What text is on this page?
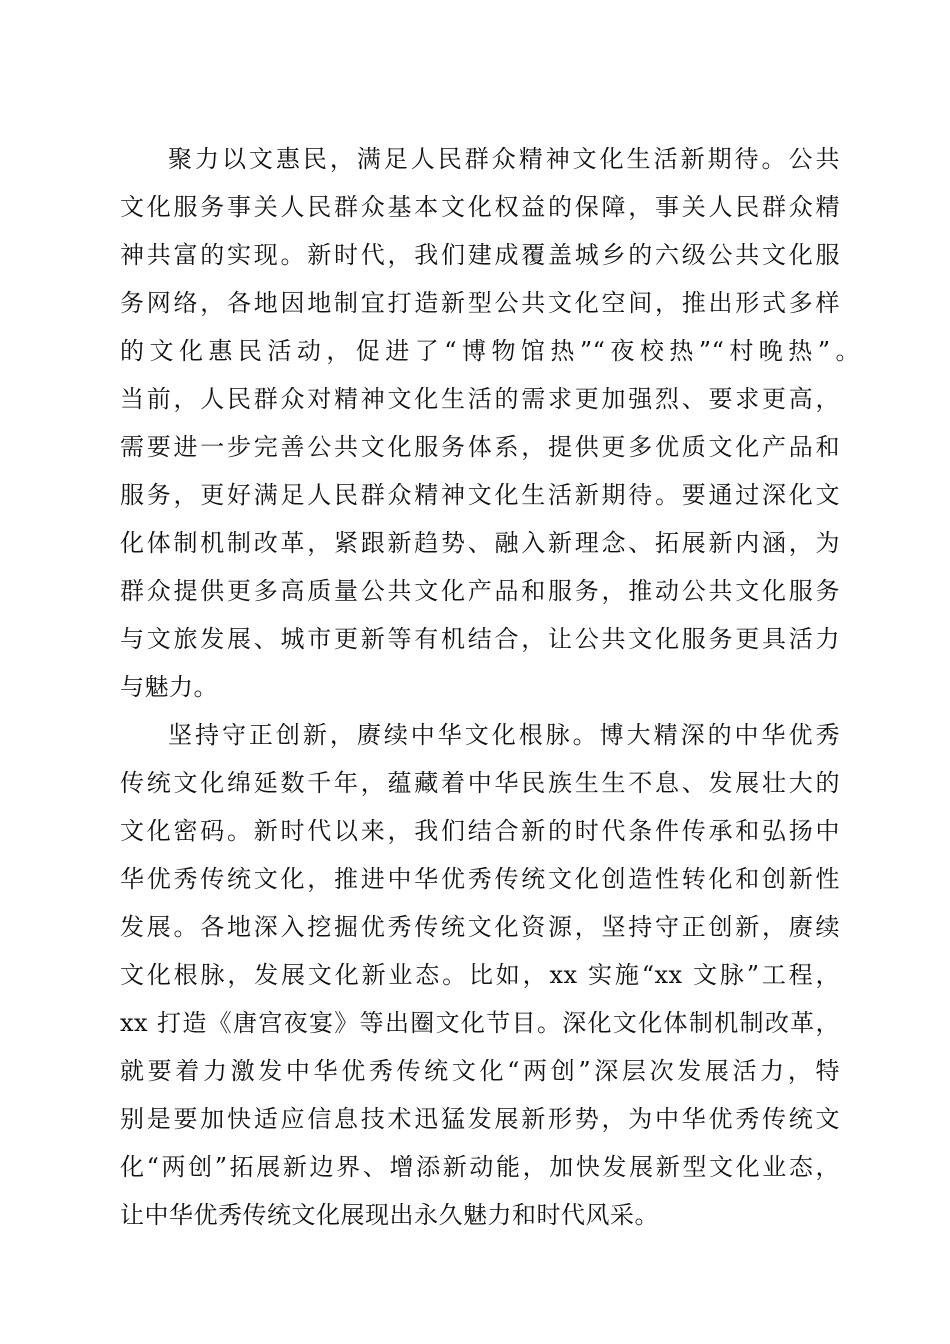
聚力以文惠民，满足人民群众精神文化生活新期待。公共
文化服务事关人民群众基本文化权益的保障，事关人民群众精
神共富的实现。新时代，我们建成覆盖城乡的六级公共文化服
务网络，各地因地制宜打造新型公共文化空间，推出形式多样
的文化惠民活动，促进了“博物馆热”“夜校热”“村晚热”。
当前，人民群众对精神文化生活的需求更加强烈、要求更高，
需要进一步完善公共文化服务体系，提供更多优质文化产品和
服务，更好满足人民群众精神文化生活新期待。要通过深化文
化体制机制改革，紧跟新趋势、融入新理念、拓展新内涵，为
群众提供更多高质量公共文化产品和服务，推动公共文化服务
与文旅发展、城市更新等有机结合，让公共文化服务更具活力
与魅力。
坚持守正创新，赓续中华文化根脉。博大精深的中华优秀
传统文化绵延数千年，蕴藏着中华民族生生不息、发展壮大的
文化密码。新时代以来，我们结合新的时代条件传承和弘扬中
华优秀传统文化，推进中华优秀传统文化创造性转化和创新性
发展。各地深入挖掘优秀传统文化资源，坚持守正创新，赓续
文化根脉，发展文化新业态。比如，xx 实施“xx 文脉”工程，
xx 打造《唐宫夜宴》等出圈文化节目。深化文化体制机制改革，
就要着力激发中华优秀传统文化“两创”深层次发展活力，特
别是要加快适应信息技术迅猛发展新形势，为中华优秀传统文
化“两创”拓展新边界、增添新动能，加快发展新型文化业态，
让中华优秀传统文化展现出永久魅力和时代风采。
